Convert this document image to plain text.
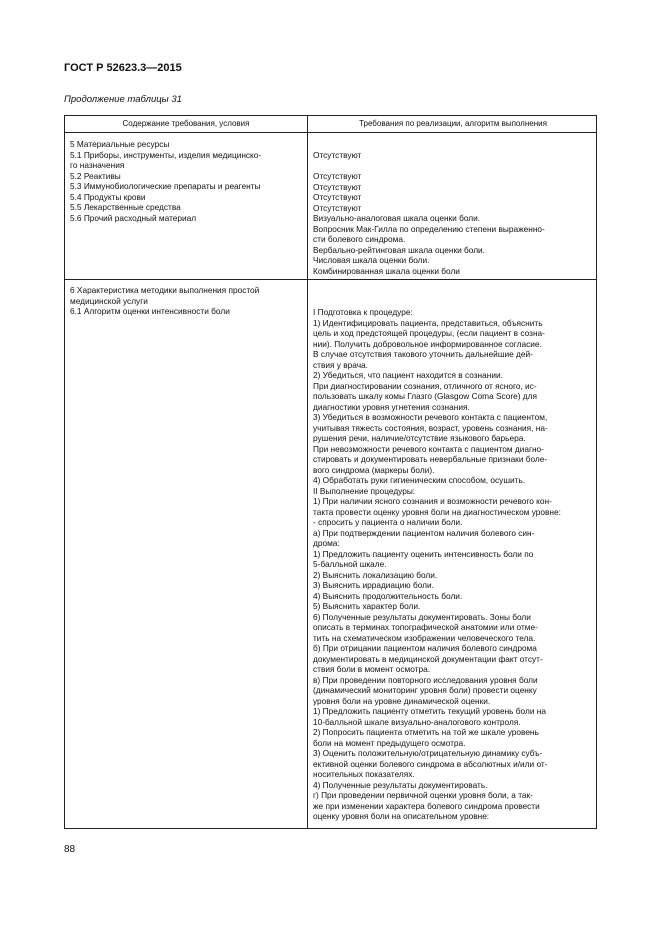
ГОСТ Р 52623.3—2015
Продолжение таблицы 31
Содержание требования, условия	Требования по реализации, алгоритм выполнения
5 Материальные ресурсы
5.1 Приборы, инструменты, изделия медицинско-
го назначения
5.2 Реактивы
5.3 Иммунобиологические препараты и реагенты
5.4 Продукты крови
5.5 Лекарственные средства
5.6 Прочий расходный материал
Отсутствуют

Отсутствуют
Отсутствуют
Отсутствуют
Отсутствуют
Визуально-аналоговая шкала оценки боли.
Вопросник Мак-Гилла по определению степени выраженно-
сти болевого синдрома.
Вербально-рейтинговая шкала оценки боли.
Числовая шкала оценки боли.
Комбинированная шкала оценки боли
6 Характеристика методики выполнения простой
медицинской услуги
6.1 Алгоритм оценки интенсивности боли	I Подготовка к процедуре:
1) Идентифицировать пациента, представиться, объяснить
цель и ход предстоящей процедуры, (если пациент в созна-
нии). Получить добровольное информированное согласие.
В случае отсутствия такового уточнить дальнейшие дей-
ствия у врача.
2) Убедиться, что пациент находится в сознании.
При диагностировании сознания, отличного от ясного, ис-
пользовать шкалу комы Глазго (Glasgow Coma Score) для
диагностики уровня угнетения сознания.
3) Убедиться в возможности речевого контакта с пациентом,
учитывая тяжесть состояния, возраст, уровень сознания, на-
рушения речи, наличие/отсутствие языкового барьера.
При невозможности речевого контакта с пациентом диагно-
стировать и документировать невербальные признаки боле-
вого синдрома (маркеры боли).
4) Обработать руки гигиеническим способом, осушить.
II Выполнение процедуры:
1) При наличии ясного сознания и возможности речевого кон-
такта провести оценку уровня боли на диагностическом уровне:
- спросить у пациента о наличии боли.
а) При подтверждении пациентом наличия болевого син-
дрома:
1) Предложить пациенту оценить интенсивность боли по
5-балльной шкале.
2) Выяснить локализацию боли.
3) Выяснить иррадиацию боли.
4) Выяснить продолжительность боли.
5) Выяснить характер боли.
6) Полученные результаты документировать. Зоны боли
описать в терминах топографической анатомии или отме-
тить на схематическом изображении человеческого тела.
б) При отрицании пациентом наличия болевого синдрома
документировать в медицинской документации факт отсут-
ствия боли в момент осмотра.
в) При проведении повторного исследования уровня боли
(динамический мониторинг уровня боли) провести оценку
уровня боли на уровне динамической оценки.
1) Предложить пациенту отметить текущий уровень боли на
10-балльной шкале визуально-аналогового контроля.
2) Попросить пациента отметить на той же шкале уровень
боли на момент предыдущего осмотра.
3) Оценить положительную/отрицательную динамику субъ-
ективной оценки болевого синдрома в абсолютных и/или от-
носительных показателях.
4) Полученные результаты документировать.
г) При проведении первичной оценки уровня боли, а так-
же при изменении характера болевого синдрома провести
оценку уровня боли на описательном уровне:
88
